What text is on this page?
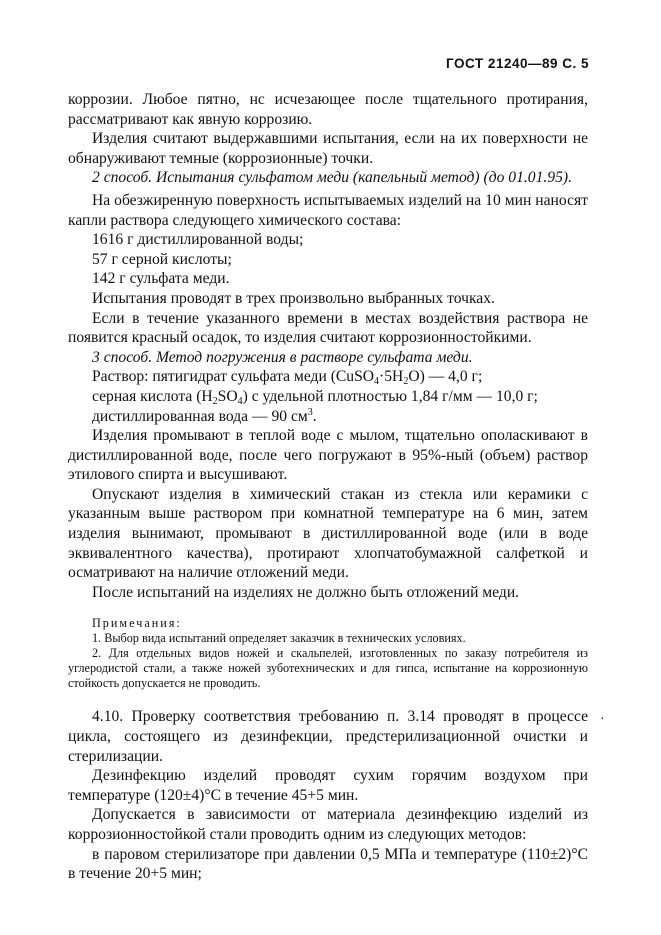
ГОСТ 21240—89 С. 5

коррозии. Любое пятно, нс исчезающее после тщательного протирания, рассматривают как явную коррозию.

Изделия считают выдержавшими испытания, если на их поверхности не обнаруживают темные (коррозионные) точки.

2 способ. Испытания сульфатом меди (капельный метод) (до 01.01.95).

На обезжиренную поверхность испытываемых изделий на 10 мин наносят капли раствора следующего химического состава:

1616 г дистиллированной воды;

57 г серной кислоты;

142 г сульфата меди.

Испытания проводят в трех произвольно выбранных точках.

Если в течение указанного времени в местах воздействия раствора не появится красный осадок, то изделия считают коррозионностойкими.

3 способ. Метод погружения в растворе сульфата меди.

Раствор: пятигидрат сульфата меди $(CuSO_4\cdot 5H_2O)$ — 4,0 г;

серная кислота $(H_2SO_4)$ с удельной плотностью 1,84 г/мм — 10,0 г;

дистиллированная вода — 90 $см^3$.

Изделия промывают в теплой воде с мылом, тщательно ополаскивают в дистиллированной воде, после чего погружают в 95%-ный (объем) раствор этилового спирта и высушивают.

Опускают изделия в химический стакан из стекла или керамики с указанным выше раствором при комнатной температуре на 6 мин, затем изделия вынимают, промывают в дистиллированной воде (или в воде эквивалентного качества), протирают хлопчатобумажной салфеткой и осматривают на наличие отложений меди.

После испытаний на изделиях не должно быть отложений меди.

Примечания:

1. Выбор вида испытаний определяет заказчик в технических условиях.

2. Для отдельных видов ножей и скальпелей, изготовленных по заказу потребителя из углеродистой стали, а также ножей зуботехнических и для гипса, испытание на коррозионную стойкость допускается не проводить.

4.10. Проверку соответствия требованию п. 3.14 проводят в процессе цикла, состоящего из дезинфекции, предстерилизационной очистки и стерилизации.

Дезинфекцию изделий проводят сухим горячим воздухом при температуре (120±4)°С в течение 45+5 мин.

Допускается в зависимости от материала дезинфекцию изделий из коррозионностойкой стали проводить одним из следующих методов:

в паровом стерилизаторе при давлении 0,5 МПа и температуре (110±2)°С в течение 20+5 мин;

·
